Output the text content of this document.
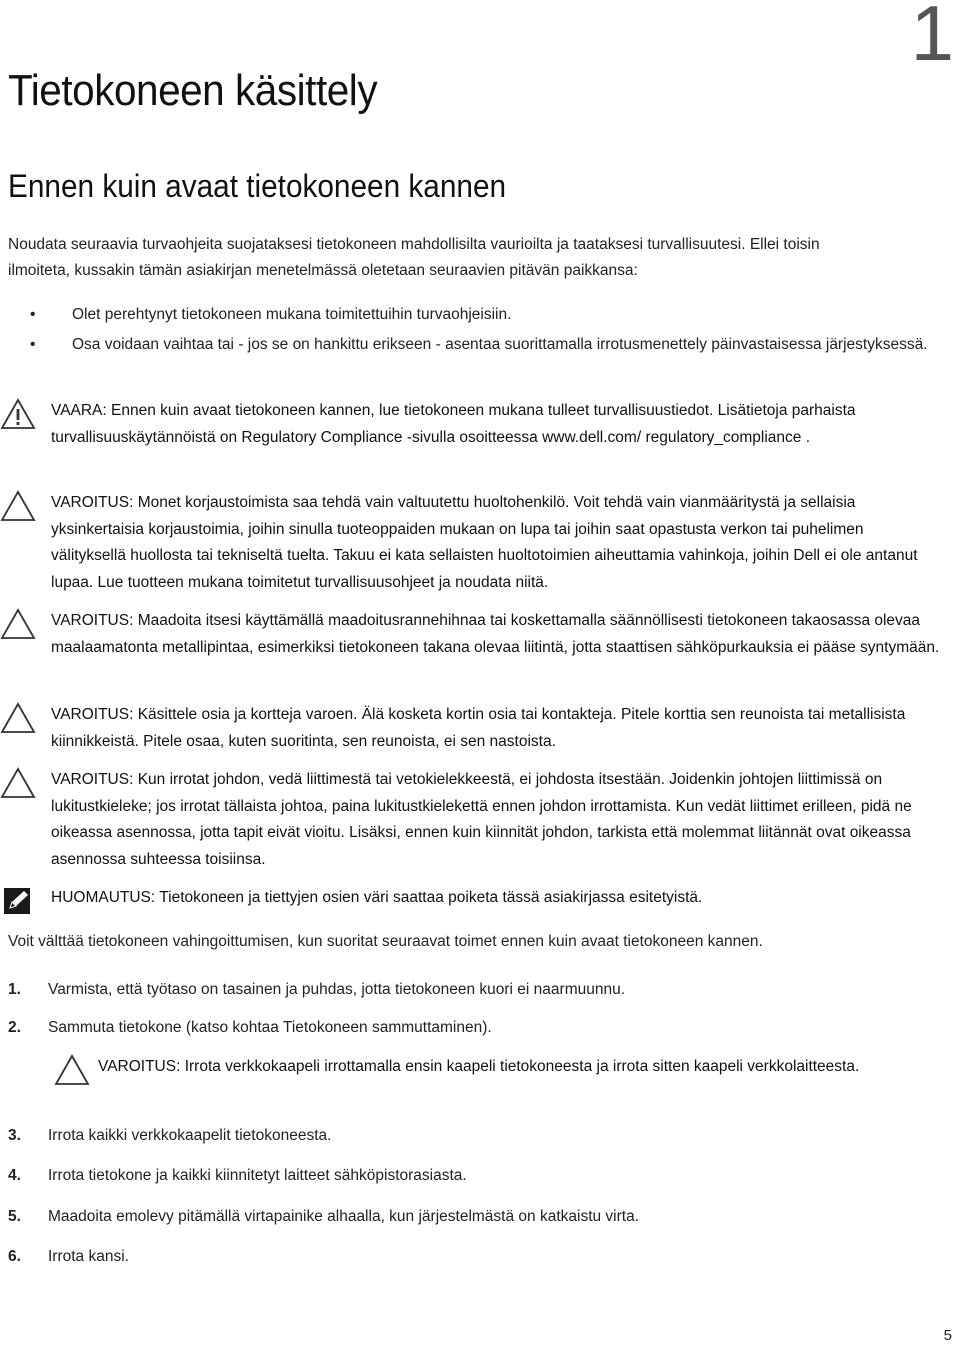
1
Tietokoneen käsittely
Ennen kuin avaat tietokoneen kannen
Noudata seuraavia turvaohjeita suojataksesi tietokoneen mahdollisilta vaurioilta ja taataksesi turvallisuutesi. Ellei toisin
ilmoiteta, kussakin tämän asiakirjan menetelmässä oletetaan seuraavien pitävän paikkansa:
• Olet perehtynyt tietokoneen mukana toimitettuihin turvaohjeisiin.
• Osa voidaan vaihtaa tai - jos se on hankittu erikseen - asentaa suorittamalla irrotusmenettely päinvastaisessa järjestyksessä.
VAARA: Ennen kuin avaat tietokoneen kannen, lue tietokoneen mukana tulleet turvallisuustiedot. Lisätietoja parhaista turvallisuuskäytännöistä on Regulatory Compliance -sivulla osoitteessa www.dell.com/ regulatory_compliance .
VAROITUS: Monet korjaustoimista saa tehdä vain valtuutettu huoltohenkilö. Voit tehdä vain vianmääritystä ja sellaisia yksinkertaisia korjaustoimia, joihin sinulla tuoteoppaiden mukaan on lupa tai joihin saat opastusta verkon tai puhelimen välityksellä huollosta tai tekniseltä tuelta. Takuu ei kata sellaisten huoltotoimien aiheuttamia vahinkoja, joihin Dell ei ole antanut lupaa. Lue tuotteen mukana toimitetut turvallisuusohjeet ja noudata niitä.
VAROITUS: Maadoita itsesi käyttämällä maadoitusrannehihnaa tai koskettamalla säännöllisesti tietokoneen takaosassa olevaa maalaamatonta metallipintaa, esimerkiksi tietokoneen takana olevaa liitintä, jotta staattisen sähköpurkauksia ei pääse syntymään.
VAROITUS: Käsittele osia ja kortteja varoen. Älä kosketa kortin osia tai kontakteja. Pitele korttia sen reunoista tai metallisista kiinnikkeistä. Pitele osaa, kuten suoritinta, sen reunoista, ei sen nastoista.
VAROITUS: Kun irrotat johdon, vedä liittimestä tai vetokielekkeestä, ei johdosta itsestään. Joidenkin johtojen liittimissä on lukitustkieleke; jos irrotat tällaista johtoa, paina lukitustkielekettä ennen johdon irrottamista. Kun vedät liittimet erilleen, pidä ne oikeassa asennossa, jotta tapit eivät vioitu. Lisäksi, ennen kuin kiinnität johdon, tarkista että molemmat liitännät ovat oikeassa asennossa suhteessa toisiinsa.
HUOMAUTUS: Tietokoneen ja tiettyjen osien väri saattaa poiketa tässä asiakirjassa esitetyistä.
Voit välttää tietokoneen vahingoittumisen, kun suoritat seuraavat toimet ennen kuin avaat tietokoneen kannen.
1. Varmista, että työtaso on tasainen ja puhdas, jotta tietokoneen kuori ei naarmuunnu.
2. Sammuta tietokone (katso kohtaa Tietokoneen sammuttaminen).
VAROITUS: Irrota verkkokaapeli irrottamalla ensin kaapeli tietokoneesta ja irrota sitten kaapeli verkkolaitteesta.
3. Irrota kaikki verkkokaapelit tietokoneesta.
4. Irrota tietokone ja kaikki kiinnitetyt laitteet sähköpistorasiasta.
5. Maadoita emolevy pitämällä virtapainike alhaalla, kun järjestelmästä on katkaistu virta.
6. Irrota kansi.
5
